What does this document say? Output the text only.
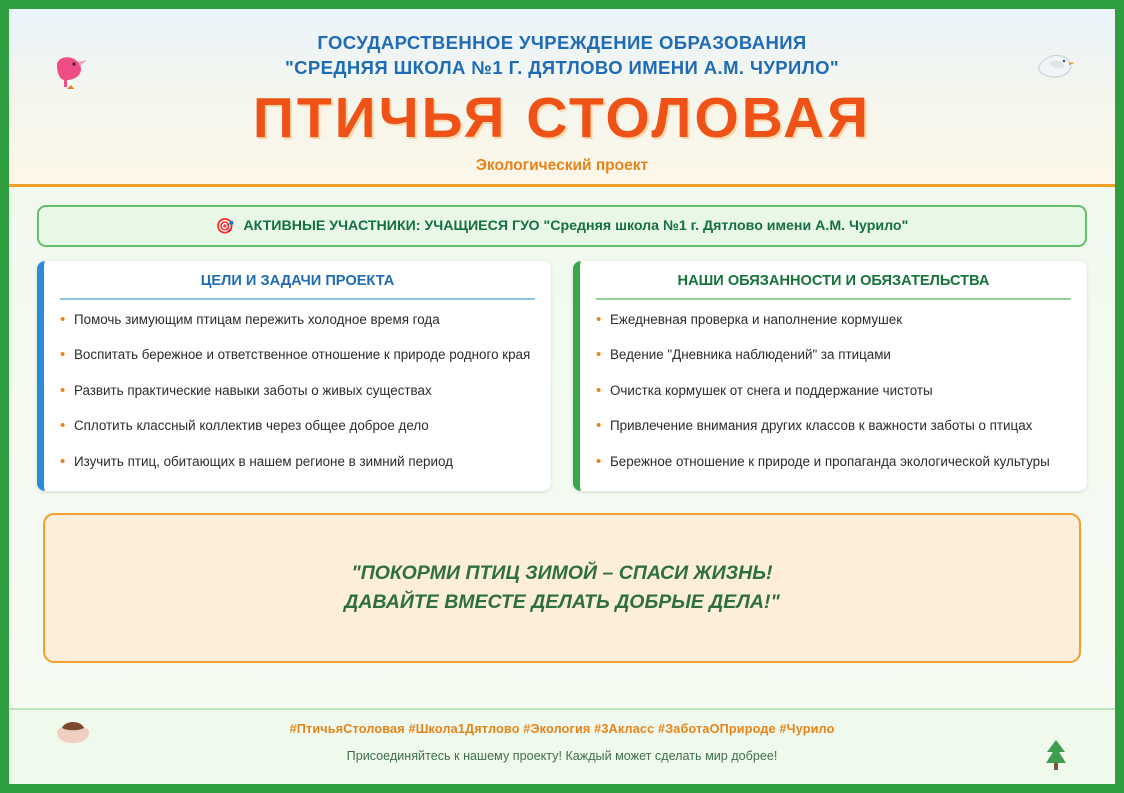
ГОСУДАРСТВЕННОЕ УЧРЕЖДЕНИЕ ОБРАЗОВАНИЯ
"СРЕДНЯЯ ШКОЛА №1 Г. ДЯТЛОВО ИМЕНИ А.М. ЧУРИЛО"
ПТИЧЬЯ СТОЛОВАЯ
Экологический проект
🎯 АКТИВНЫЕ УЧАСТНИКИ: УЧАЩИЕСЯ ГУО "Средняя школа №1 г. Дятлово имени А.М. Чурило"
ЦЕЛИ И ЗАДАЧИ ПРОЕКТА
• Помочь зимующим птицам пережить холодное время года
• Воспитать бережное и ответственное отношение к природе родного края
• Развить практические навыки заботы о живых существах
• Сплотить классный коллектив через общее доброе дело
• Изучить птиц, обитающих в нашем регионе в зимний период
НАШИ ОБЯЗАННОСТИ И ОБЯЗАТЕЛЬСТВА
• Ежедневная проверка и наполнение кормушек
• Ведение "Дневника наблюдений" за птицами
• Очистка кормушек от снега и поддержание чистоты
• Привлечение внимания других классов к важности заботы о птицах
• Бережное отношение к природе и пропаганда экологической культуры
"ПОКОРМИ ПТИЦ ЗИМОЙ – СПАСИ ЖИЗНЬ!
ДАВАЙТЕ ВМЕСТЕ ДЕЛАТЬ ДОБРЫЕ ДЕЛА!"
#ПтичьяСтоловая #Школа1Дятлово #Экология #3Акласс #ЗаботаОПрироде #Чурило
Присоединяйтесь к нашему проекту! Каждый может сделать мир добрее!
